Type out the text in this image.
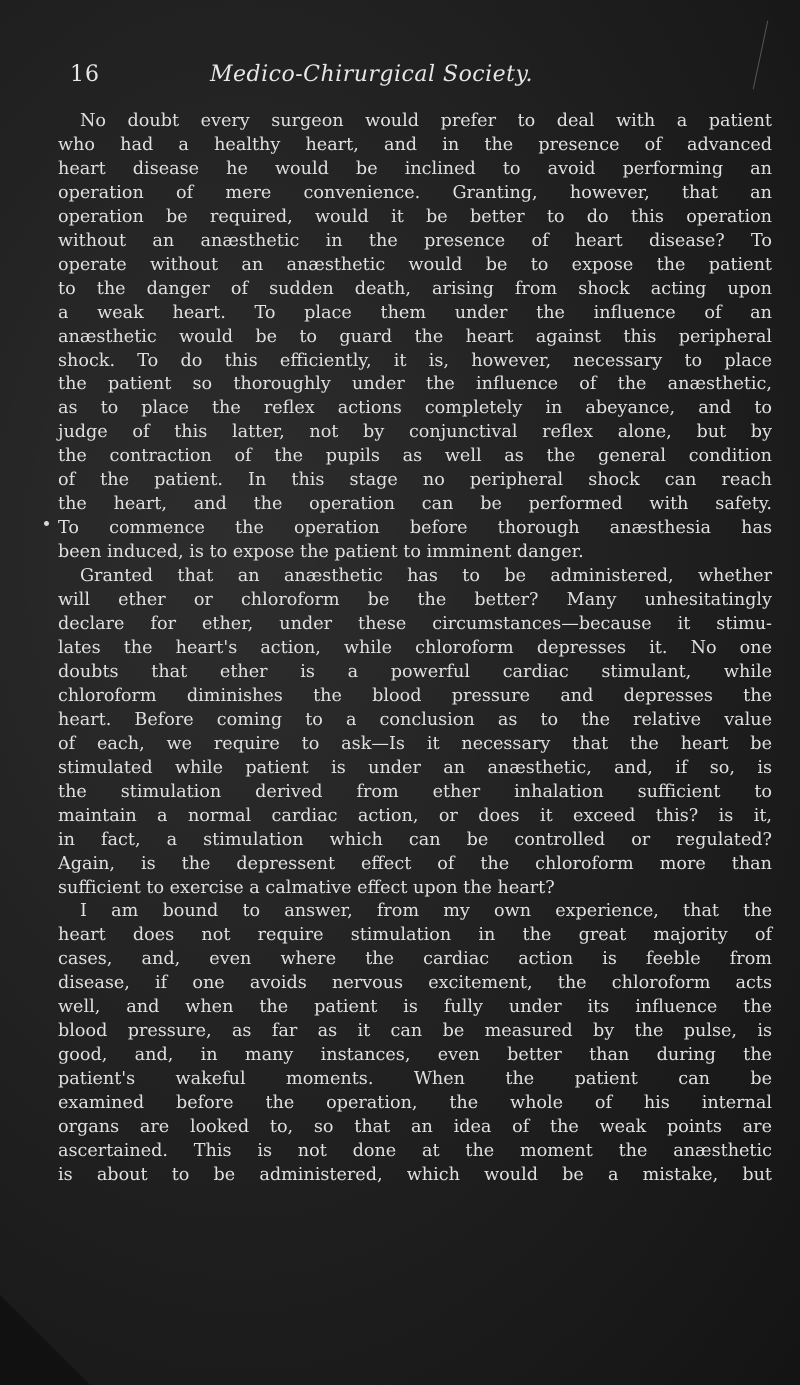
16	Medico-Chirurgical Society.
No doubt every surgeon would prefer to deal with a patient
who had a healthy heart, and in the presence of advanced
heart disease he would be inclined to avoid performing an
operation of mere convenience. Granting, however, that an
operation be required, would it be better to do this operation
without an anæsthetic in the presence of heart disease? To
operate without an anæsthetic would be to expose the patient
to the danger of sudden death, arising from shock acting upon
a weak heart. To place them under the influence of an
anæsthetic would be to guard the heart against this peripheral
shock. To do this efficiently, it is, however, necessary to place
the patient so thoroughly under the influence of the anæsthetic,
as to place the reflex actions completely in abeyance, and to
judge of this latter, not by conjunctival reflex alone, but by
the contraction of the pupils as well as the general condition
of the patient. In this stage no peripheral shock can reach
the heart, and the operation can be performed with safety.
To commence the operation before thorough anæsthesia has
been induced, is to expose the patient to imminent danger.
Granted that an anæsthetic has to be administered, whether
will ether or chloroform be the better? Many unhesitatingly
declare for ether, under these circumstances—because it stimu-
lates the heart's action, while chloroform depresses it. No one
doubts that ether is a powerful cardiac stimulant, while
chloroform diminishes the blood pressure and depresses the
heart. Before coming to a conclusion as to the relative value
of each, we require to ask—Is it necessary that the heart be
stimulated while patient is under an anæsthetic, and, if so, is
the stimulation derived from ether inhalation sufficient to
maintain a normal cardiac action, or does it exceed this? is it,
in fact, a stimulation which can be controlled or regulated?
Again, is the depressent effect of the chloroform more than
sufficient to exercise a calmative effect upon the heart?
I am bound to answer, from my own experience, that the
heart does not require stimulation in the great majority of
cases, and, even where the cardiac action is feeble from
disease, if one avoids nervous excitement, the chloroform acts
well, and when the patient is fully under its influence the
blood pressure, as far as it can be measured by the pulse, is
good, and, in many instances, even better than during the
patient's wakeful moments. When the patient can be
examined before the operation, the whole of his internal
organs are looked to, so that an idea of the weak points are
ascertained. This is not done at the moment the anæsthetic
is about to be administered, which would be a mistake, but
